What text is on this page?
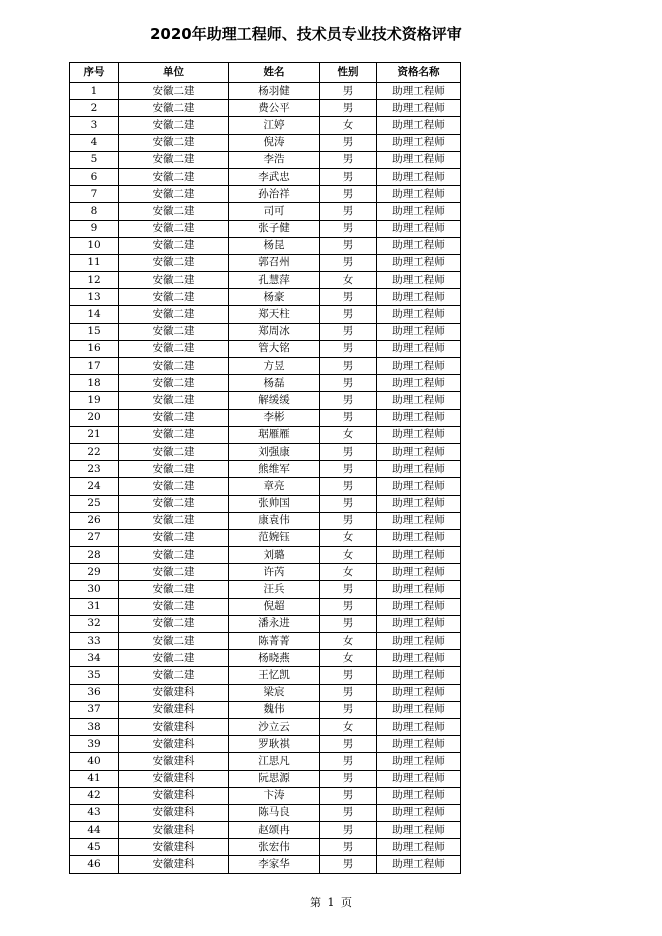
2020年助理工程师、技术员专业技术资格评审
序号	单位	姓名	性别	资格名称
1	安徽二建	杨羽健	男	助理工程师
2	安徽二建	费公平	男	助理工程师
3	安徽二建	江婷	女	助理工程师
4	安徽二建	倪涛	男	助理工程师
5	安徽二建	李浩	男	助理工程师
6	安徽二建	李武忠	男	助理工程师
7	安徽二建	孙治祥	男	助理工程师
8	安徽二建	司可	男	助理工程师
9	安徽二建	张子健	男	助理工程师
10	安徽二建	杨昆	男	助理工程师
11	安徽二建	郭召州	男	助理工程师
12	安徽二建	孔慧萍	女	助理工程师
13	安徽二建	杨豪	男	助理工程师
14	安徽二建	郑天柱	男	助理工程师
15	安徽二建	郑周冰	男	助理工程师
16	安徽二建	管大铭	男	助理工程师
17	安徽二建	方昱	男	助理工程师
18	安徽二建	杨磊	男	助理工程师
19	安徽二建	解缓缓	男	助理工程师
20	安徽二建	李彬	男	助理工程师
21	安徽二建	琚雁雁	女	助理工程师
22	安徽二建	刘强康	男	助理工程师
23	安徽二建	熊维军	男	助理工程师
24	安徽二建	章亮	男	助理工程师
25	安徽二建	张帅国	男	助理工程师
26	安徽二建	康袁伟	男	助理工程师
27	安徽二建	范婉钰	女	助理工程师
28	安徽二建	刘璐	女	助理工程师
29	安徽二建	许芮	女	助理工程师
30	安徽二建	汪兵	男	助理工程师
31	安徽二建	倪超	男	助理工程师
32	安徽二建	潘永进	男	助理工程师
33	安徽二建	陈菁菁	女	助理工程师
34	安徽二建	杨晓燕	女	助理工程师
35	安徽二建	王忆凯	男	助理工程师
36	安徽建科	梁宸	男	助理工程师
37	安徽建科	魏伟	男	助理工程师
38	安徽建科	沙立云	女	助理工程师
39	安徽建科	罗耿祺	男	助理工程师
40	安徽建科	江思凡	男	助理工程师
41	安徽建科	阮思源	男	助理工程师
42	安徽建科	卞涛	男	助理工程师
43	安徽建科	陈马良	男	助理工程师
44	安徽建科	赵颂冉	男	助理工程师
45	安徽建科	张宏伟	男	助理工程师
46	安徽建科	李家华	男	助理工程师
第 1 页
